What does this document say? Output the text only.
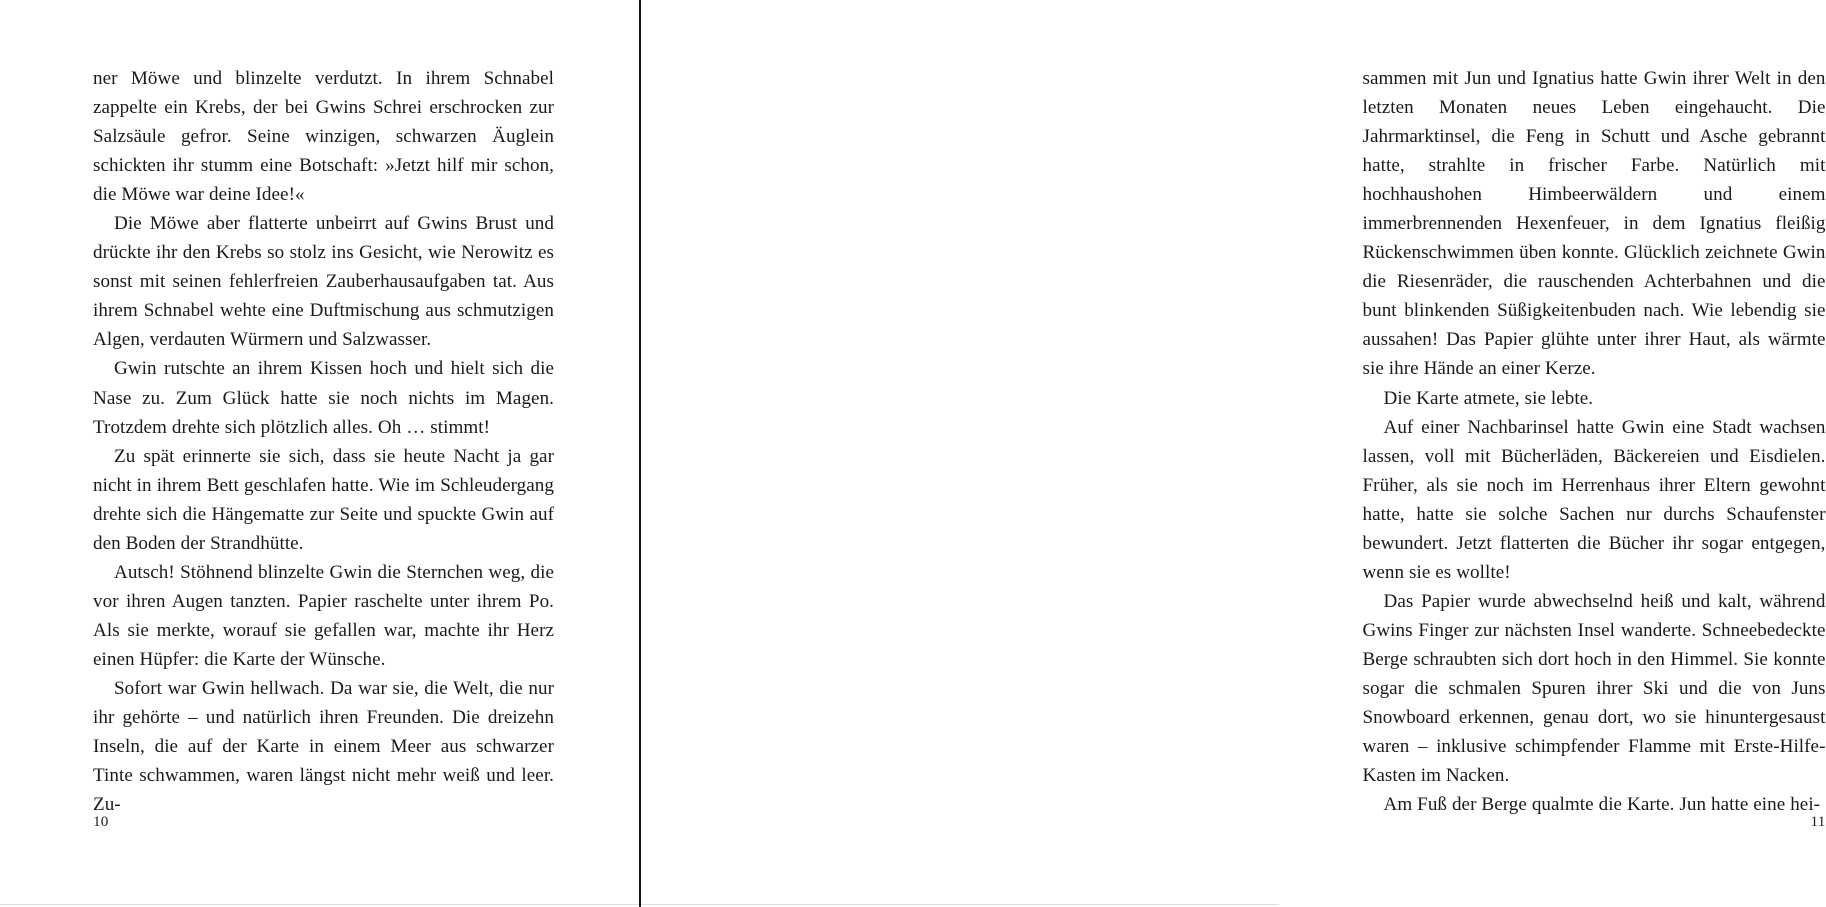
ner Möwe und blinzelte verdutzt. In ihrem Schnabel zappelte ein Krebs, der bei Gwins Schrei erschrocken zur Salzsäule gefror. Seine winzigen, schwarzen Äuglein schickten ihr stumm eine Botschaft: »Jetzt hilf mir schon, die Möwe war deine Idee!«

Die Möwe aber flatterte unbeirrt auf Gwins Brust und drückte ihr den Krebs so stolz ins Gesicht, wie Nerowitz es sonst mit seinen fehlerfreien Zauberhausaufgaben tat. Aus ihrem Schnabel wehte eine Duftmischung aus schmutzigen Algen, verdauten Würmern und Salzwasser.

Gwin rutschte an ihrem Kissen hoch und hielt sich die Nase zu. Zum Glück hatte sie noch nichts im Magen. Trotzdem drehte sich plötzlich alles. Oh … stimmt!

Zu spät erinnerte sie sich, dass sie heute Nacht ja gar nicht in ihrem Bett geschlafen hatte. Wie im Schleudergang drehte sich die Hängematte zur Seite und spuckte Gwin auf den Boden der Strandhütte.

Autsch! Stöhnend blinzelte Gwin die Sternchen weg, die vor ihren Augen tanzten. Papier raschelte unter ihrem Po. Als sie merkte, worauf sie gefallen war, machte ihr Herz einen Hüpfer: die Karte der Wünsche.

Sofort war Gwin hellwach. Da war sie, die Welt, die nur ihr gehörte – und natürlich ihren Freunden. Die dreizehn Inseln, die auf der Karte in einem Meer aus schwarzer Tinte schwammen, waren längst nicht mehr weiß und leer. Zu-

10

sammen mit Jun und Ignatius hatte Gwin ihrer Welt in den letzten Monaten neues Leben eingehaucht. Die Jahrmarktinsel, die Feng in Schutt und Asche gebrannt hatte, strahlte in frischer Farbe. Natürlich mit hochhaushohen Himbeerwäldern und einem immerbrennenden Hexenfeuer, in dem Ignatius fleißig Rückenschwimmen üben konnte. Glücklich zeichnete Gwin die Riesenräder, die rauschenden Achterbahnen und die bunt blinkenden Süßigkeitenbuden nach. Wie lebendig sie aussahen! Das Papier glühte unter ihrer Haut, als wärmte sie ihre Hände an einer Kerze.

Die Karte atmete, sie lebte.

Auf einer Nachbarinsel hatte Gwin eine Stadt wachsen lassen, voll mit Bücherläden, Bäckereien und Eisdielen. Früher, als sie noch im Herrenhaus ihrer Eltern gewohnt hatte, hatte sie solche Sachen nur durchs Schaufenster bewundert. Jetzt flatterten die Bücher ihr sogar entgegen, wenn sie es wollte!

Das Papier wurde abwechselnd heiß und kalt, während Gwins Finger zur nächsten Insel wanderte. Schneebedeckte Berge schraubten sich dort hoch in den Himmel. Sie konnte sogar die schmalen Spuren ihrer Ski und die von Juns Snowboard erkennen, genau dort, wo sie hinuntergesaust waren – inklusive schimpfender Flamme mit Erste-Hilfe-Kasten im Nacken.

Am Fuß der Berge qualmte die Karte. Jun hatte eine hei-

11
